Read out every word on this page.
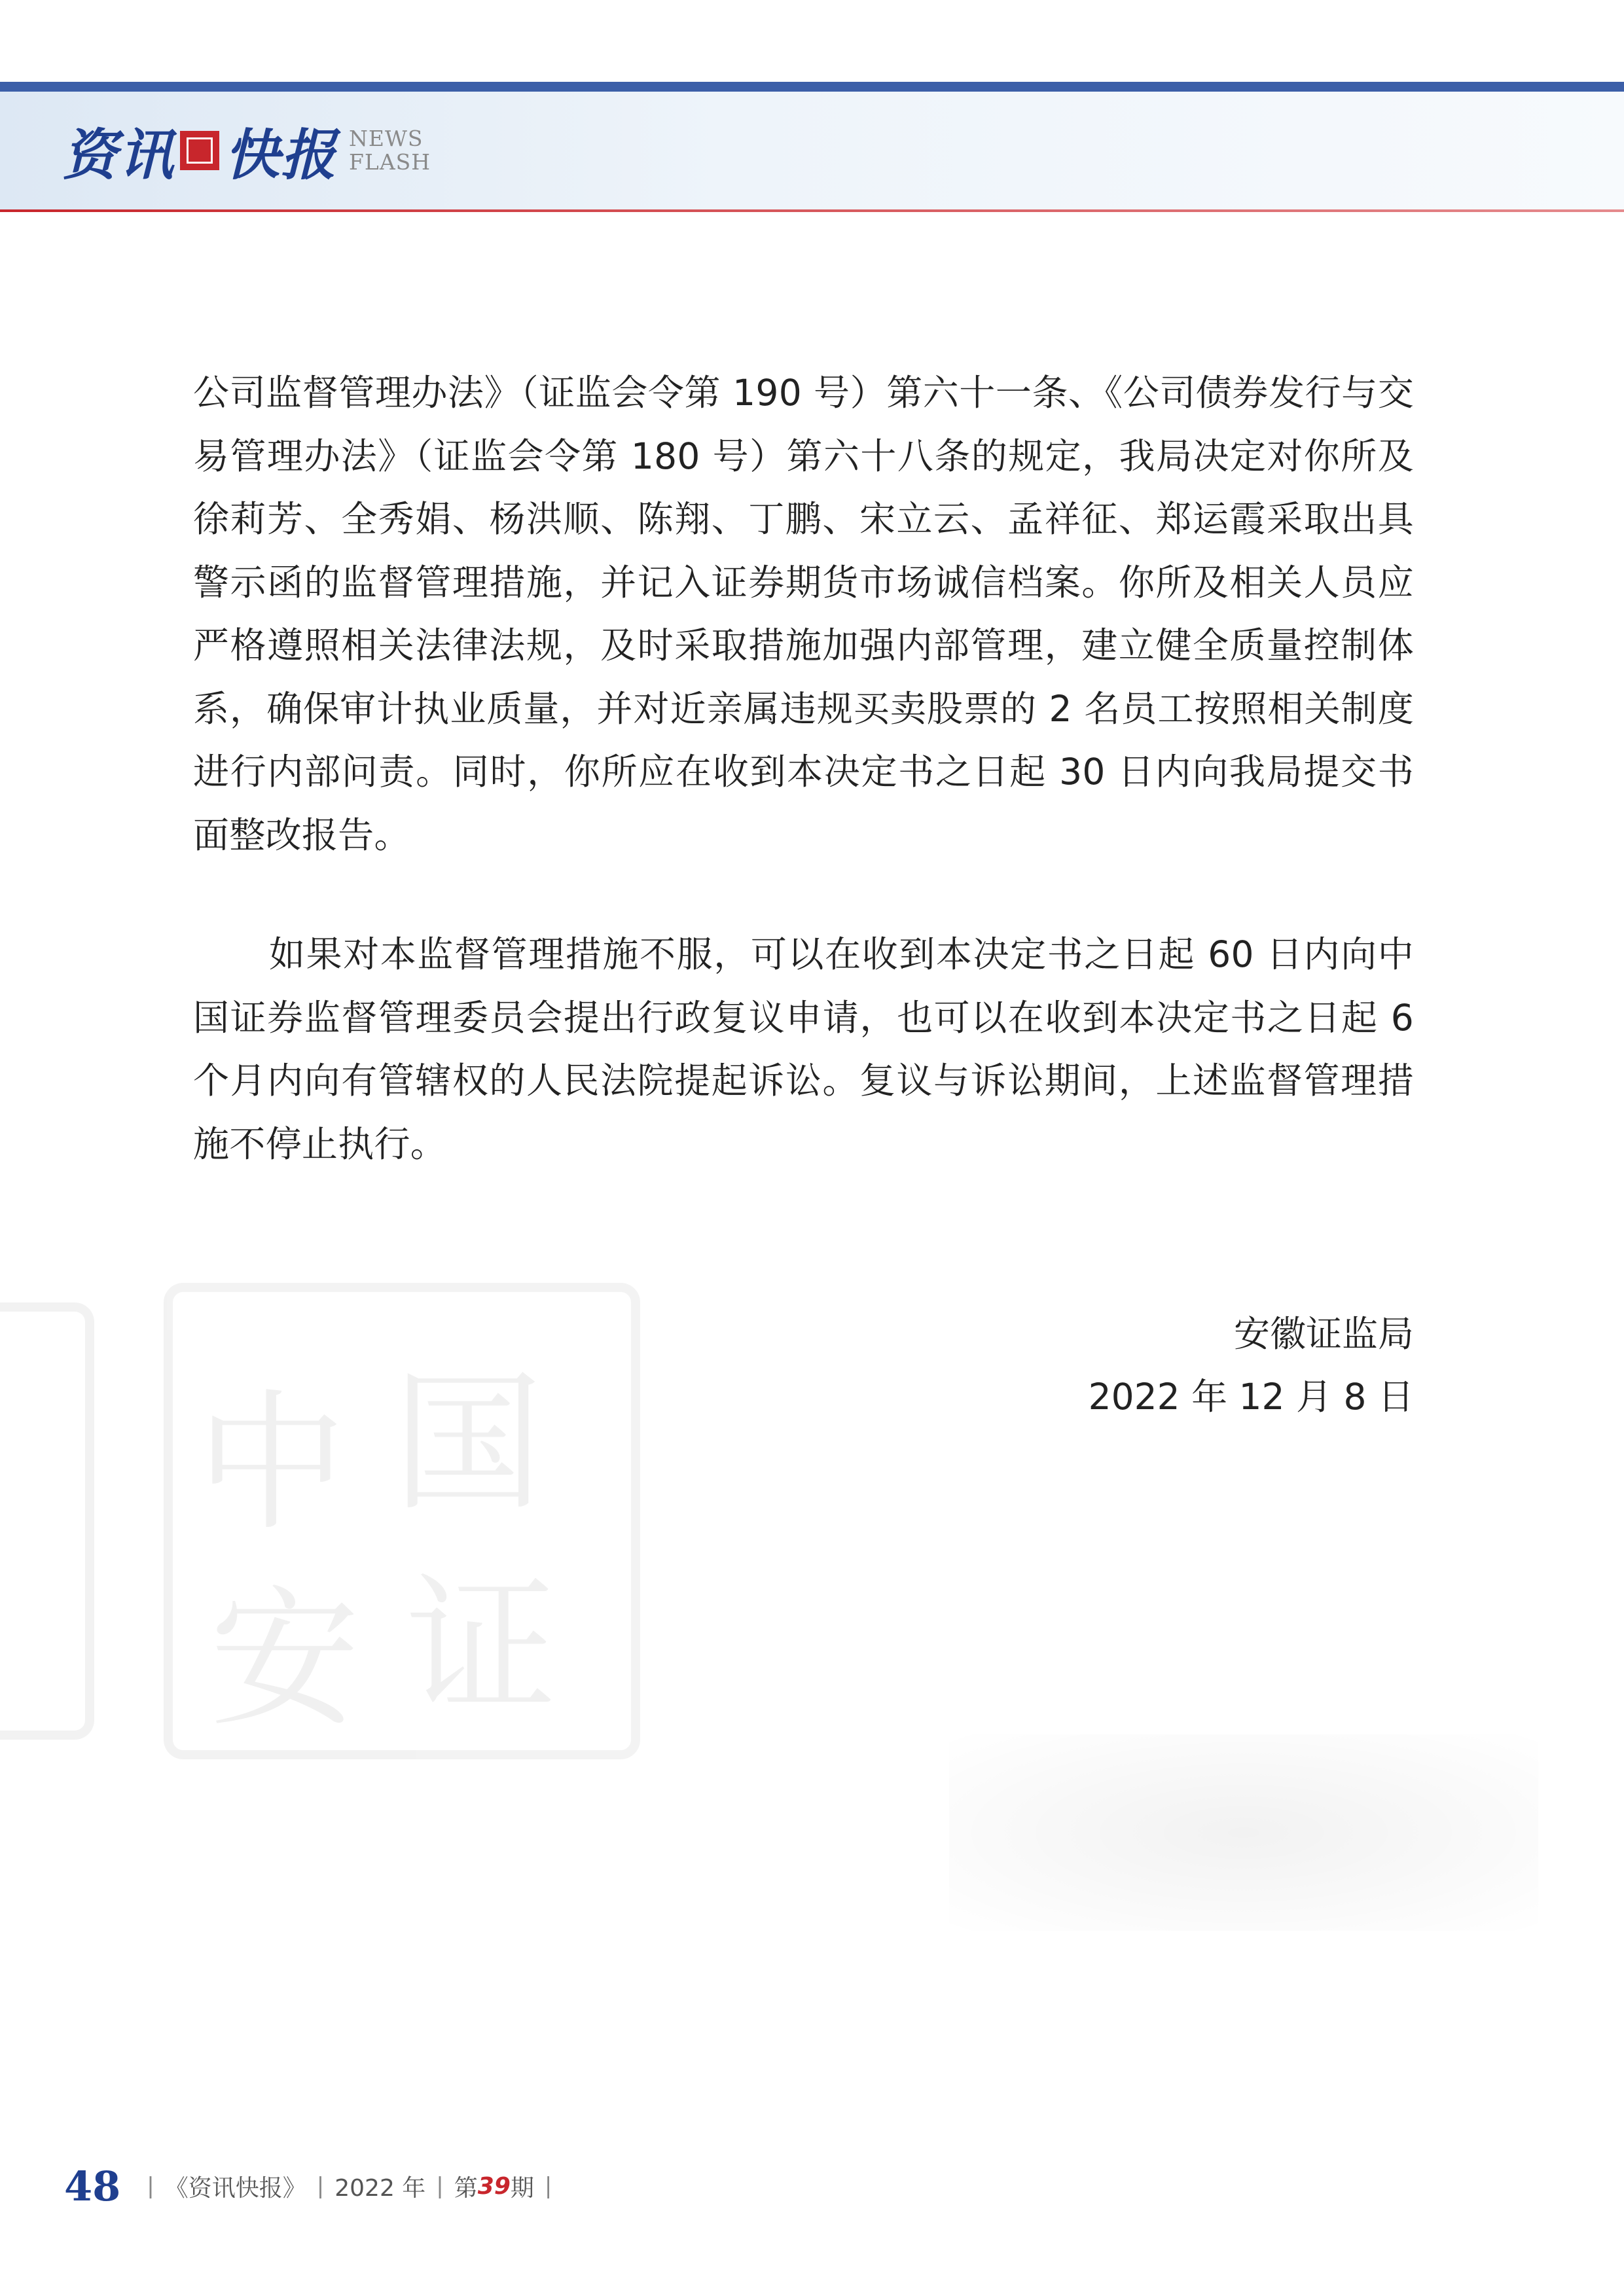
资讯 快报 NEWS
FLASH
中 国
安 证

公司监督管理办法》（证监会令第 190 号）第六十一条、《公司债券发行与交易管理办法》（证监会令第 180 号）第六十八条的规定，我局决定对你所及徐莉芳、全秀娟、杨洪顺、陈翔、丁鹏、宋立云、孟祥征、郑运霞采取出具警示函的监督管理措施，并记入证券期货市场诚信档案。你所及相关人员应严格遵照相关法律法规，及时采取措施加强内部管理，建立健全质量控制体系，确保审计执业质量，并对近亲属违规买卖股票的 2 名员工按照相关制度进行内部问责。同时，你所应在收到本决定书之日起 30 日内向我局提交书面整改报告。

如果对本监督管理措施不服，可以在收到本决定书之日起 60 日内向中国证券监督管理委员会提出行政复议申请，也可以在收到本决定书之日起 6 个月内向有管辖权的人民法院提起诉讼。复议与诉讼期间，上述监督管理措施不停止执行。

安徽证监局
2022 年 12 月 8 日
48 | 《资讯快报》 | 2022 年 | 第 39 期 |
